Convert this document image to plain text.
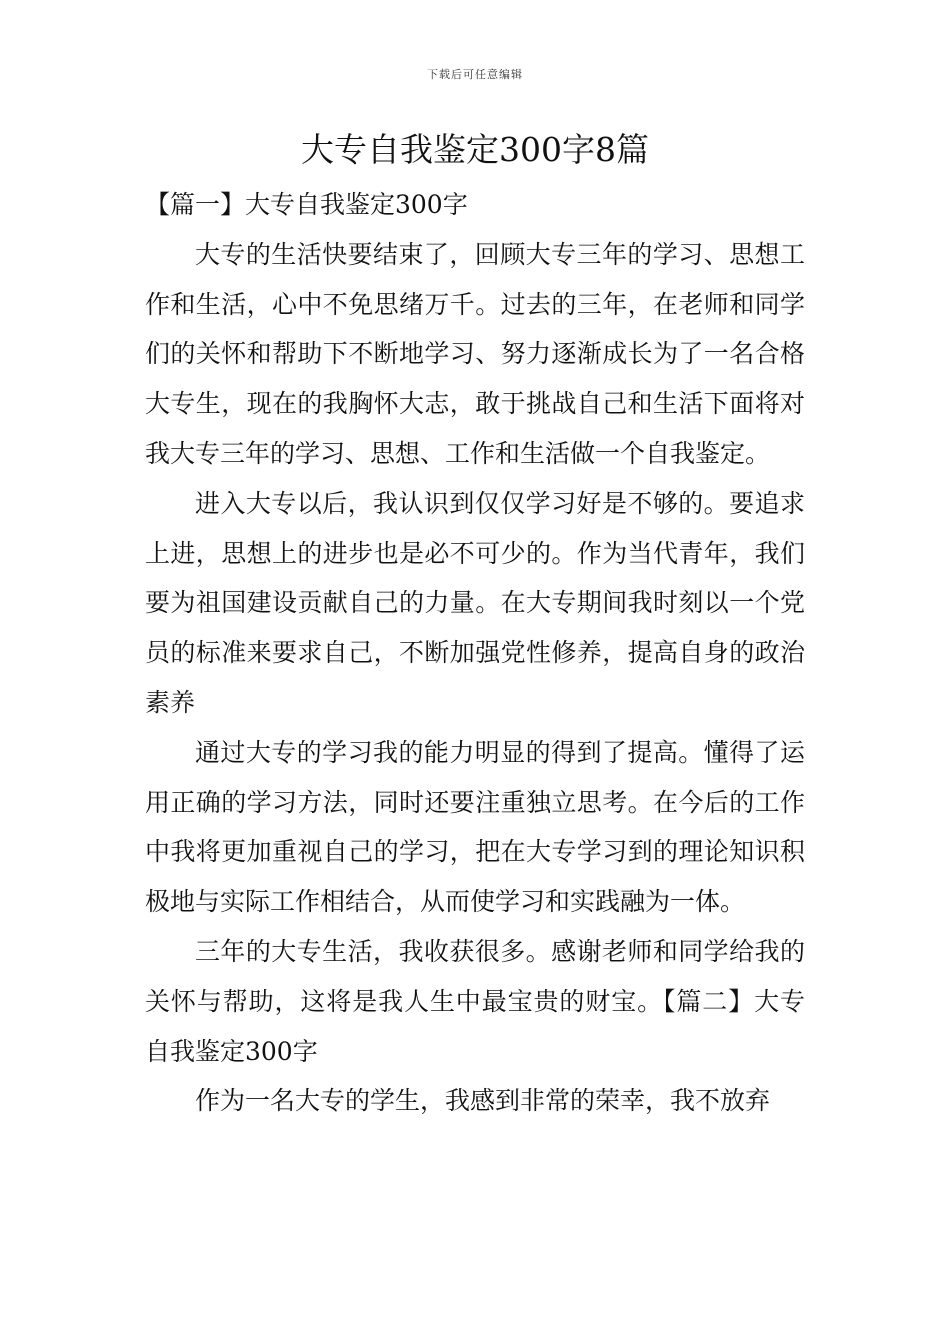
下载后可任意编辑
大专自我鉴定300字8篇

【篇一】大专自我鉴定300字

大专的生活快要结束了，回顾大专三年的学习、思想工作和生活，心中不免思绪万千。过去的三年，在老师和同学们的关怀和帮助下不断地学习、努力逐渐成长为了一名合格大专生，现在的我胸怀大志，敢于挑战自己和生活下面将对我大专三年的学习、思想、工作和生活做一个自我鉴定。

进入大专以后，我认识到仅仅学习好是不够的。要追求上进，思想上的进步也是必不可少的。作为当代青年，我们要为祖国建设贡献自己的力量。在大专期间我时刻以一个党员的标准来要求自己，不断加强党性修养，提高自身的政治素养

通过大专的学习我的能力明显的得到了提高。懂得了运用正确的学习方法，同时还要注重独立思考。在今后的工作中我将更加重视自己的学习，把在大专学习到的理论知识积极地与实际工作相结合，从而使学习和实践融为一体。

三年的大专生活，我收获很多。感谢老师和同学给我的关怀与帮助，这将是我人生中最宝贵的财宝。【篇二】大专自我鉴定300字

作为一名大专的学生，我感到非常的荣幸，我不放弃
